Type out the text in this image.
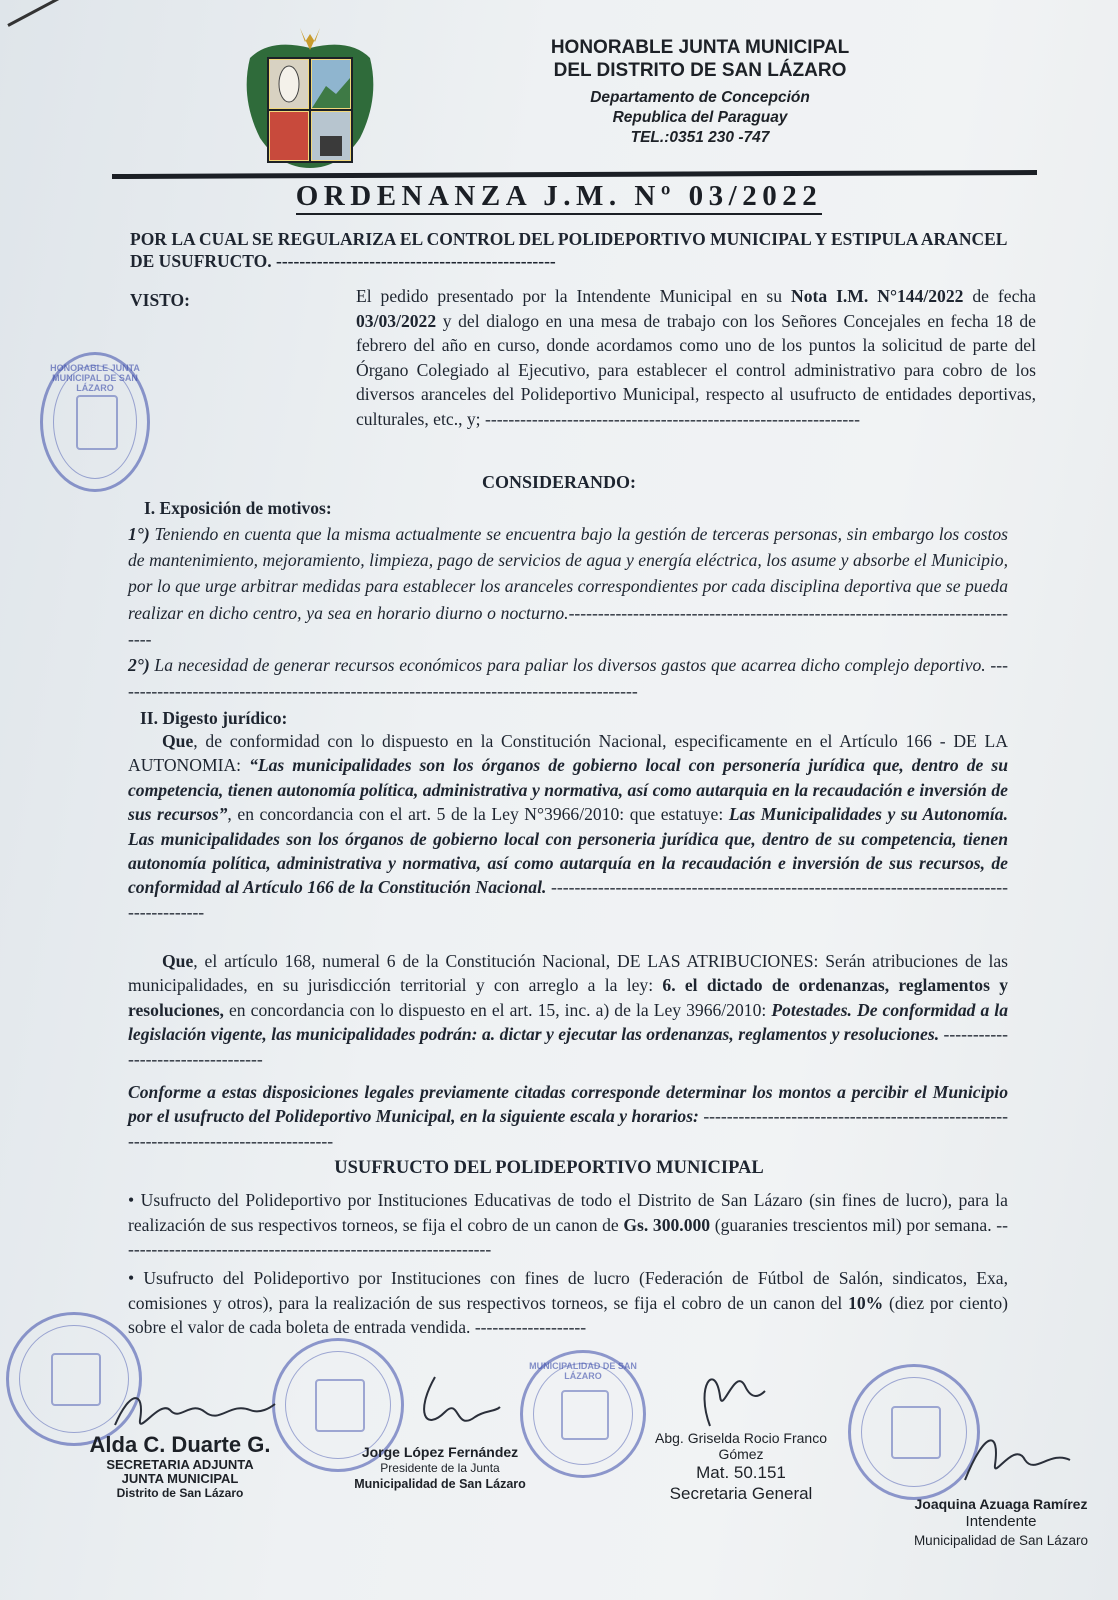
HONORABLE JUNTA MUNICIPAL
DEL DISTRITO DE SAN LÁZARO
Departamento de Concepción
Republica del Paraguay
TEL.:0351 230 -747
ORDENANZA J.M. Nº 03/2022
POR LA CUAL SE REGULARIZA EL CONTROL DEL POLIDEPORTIVO MUNICIPAL Y ESTIPULA ARANCEL DE USUFRUCTO. ------------------------------------------------
VISTO:	El pedido presentado por la Intendente Municipal en su Nota I.M. N°144/2022 de fecha 03/03/2022 y del dialogo en una mesa de trabajo con los Señores Concejales en fecha 18 de febrero del año en curso, donde acordamos como uno de los puntos la solicitud de parte del Órgano Colegiado al Ejecutivo, para establecer el control administrativo para cobro de los diversos aranceles del Polideportivo Municipal, respecto al usufructo de entidades deportivas, culturales, etc., y; ----------------------------------------------------------------
HONORABLE JUNTA MUNICIPAL DE SAN LÁZARO
CONSIDERANDO:
I. Exposición de motivos:
1°) Teniendo en cuenta que la misma actualmente se encuentra bajo la gestión de terceras personas, sin embargo los costos de mantenimiento, mejoramiento, limpieza, pago de servicios de agua y energía eléctrica, los asume y absorbe el Municipio, por lo que urge arbitrar medidas para establecer los aranceles correspondientes por cada disciplina deportiva que se pueda realizar en dicho centro, ya sea en horario diurno o nocturno.-------------------------------------------------------------------------------
2°) La necesidad de generar recursos económicos para paliar los diversos gastos que acarrea dicho complejo deportivo. ------------------------------------------------------------------------------------------
II. Digesto jurídico:
Que, de conformidad con lo dispuesto en la Constitución Nacional, especificamente en el Artículo 166 - DE LA AUTONOMIA: “Las municipalidades son los órganos de gobierno local con personería jurídica que, dentro de su competencia, tienen autonomía política, administrativa y normativa, así como autarquia en la recaudación e inversión de sus recursos”, en concordancia con el art. 5 de la Ley N°3966/2010: que estatuye: Las Municipalidades y su Autonomía. Las municipalidades son los órganos de gobierno local con personeria jurídica que, dentro de su competencia, tienen autonomía política, administrativa y normativa, así como autarquía en la recaudación e inversión de sus recursos, de conformidad al Artículo 166 de la Constitución Nacional. -------------------------------------------------------------------------------------------
Que, el artículo 168, numeral 6 de la Constitución Nacional, DE LAS ATRIBUCIONES: Serán atribuciones de las municipalidades, en su jurisdicción territorial y con arreglo a la ley: 6. el dictado de ordenanzas, reglamentos y resoluciones, en concordancia con lo dispuesto en el art. 15, inc. a) de la Ley 3966/2010: Potestades. De conformidad a la legislación vigente, las municipalidades podrán: a. dictar y ejecutar las ordenanzas, reglamentos y resoluciones. ----------------------------------
Conforme a estas disposiciones legales previamente citadas corresponde determinar los montos a percibir el Municipio por el usufructo del Polideportivo Municipal, en la siguiente escala y horarios: ---------------------------------------------------------------------------------------
USUFRUCTO DEL POLIDEPORTIVO MUNICIPAL
• Usufructo del Polideportivo por Instituciones Educativas de todo el Distrito de San Lázaro (sin fines de lucro), para la realización de sus respectivos torneos, se fija el cobro de un canon de Gs. 300.000 (guaranies trescientos mil) por semana. ----------------------------------------------------------------
• Usufructo del Polideportivo por Instituciones con fines de lucro (Federación de Fútbol de Salón, sindicatos, Exa, comisiones y otros), para la realización de sus respectivos torneos, se fija el cobro de un canon del 10% (diez por ciento) sobre el valor de cada boleta de entrada vendida. -------------------
MUNICIPALIDAD DE SAN LÁZARO
Alda C. Duarte G.
SECRETARIA ADJUNTA
JUNTA MUNICIPAL
Distrito de San Lázaro
Jorge López Fernández
Presidente de la Junta
Municipalidad de San Lázaro
Abg. Griselda Rocio Franco Gómez
Mat. 50.151
Secretaria General
Joaquina Azuaga Ramírez
Intendente
Municipalidad de San Lázaro
